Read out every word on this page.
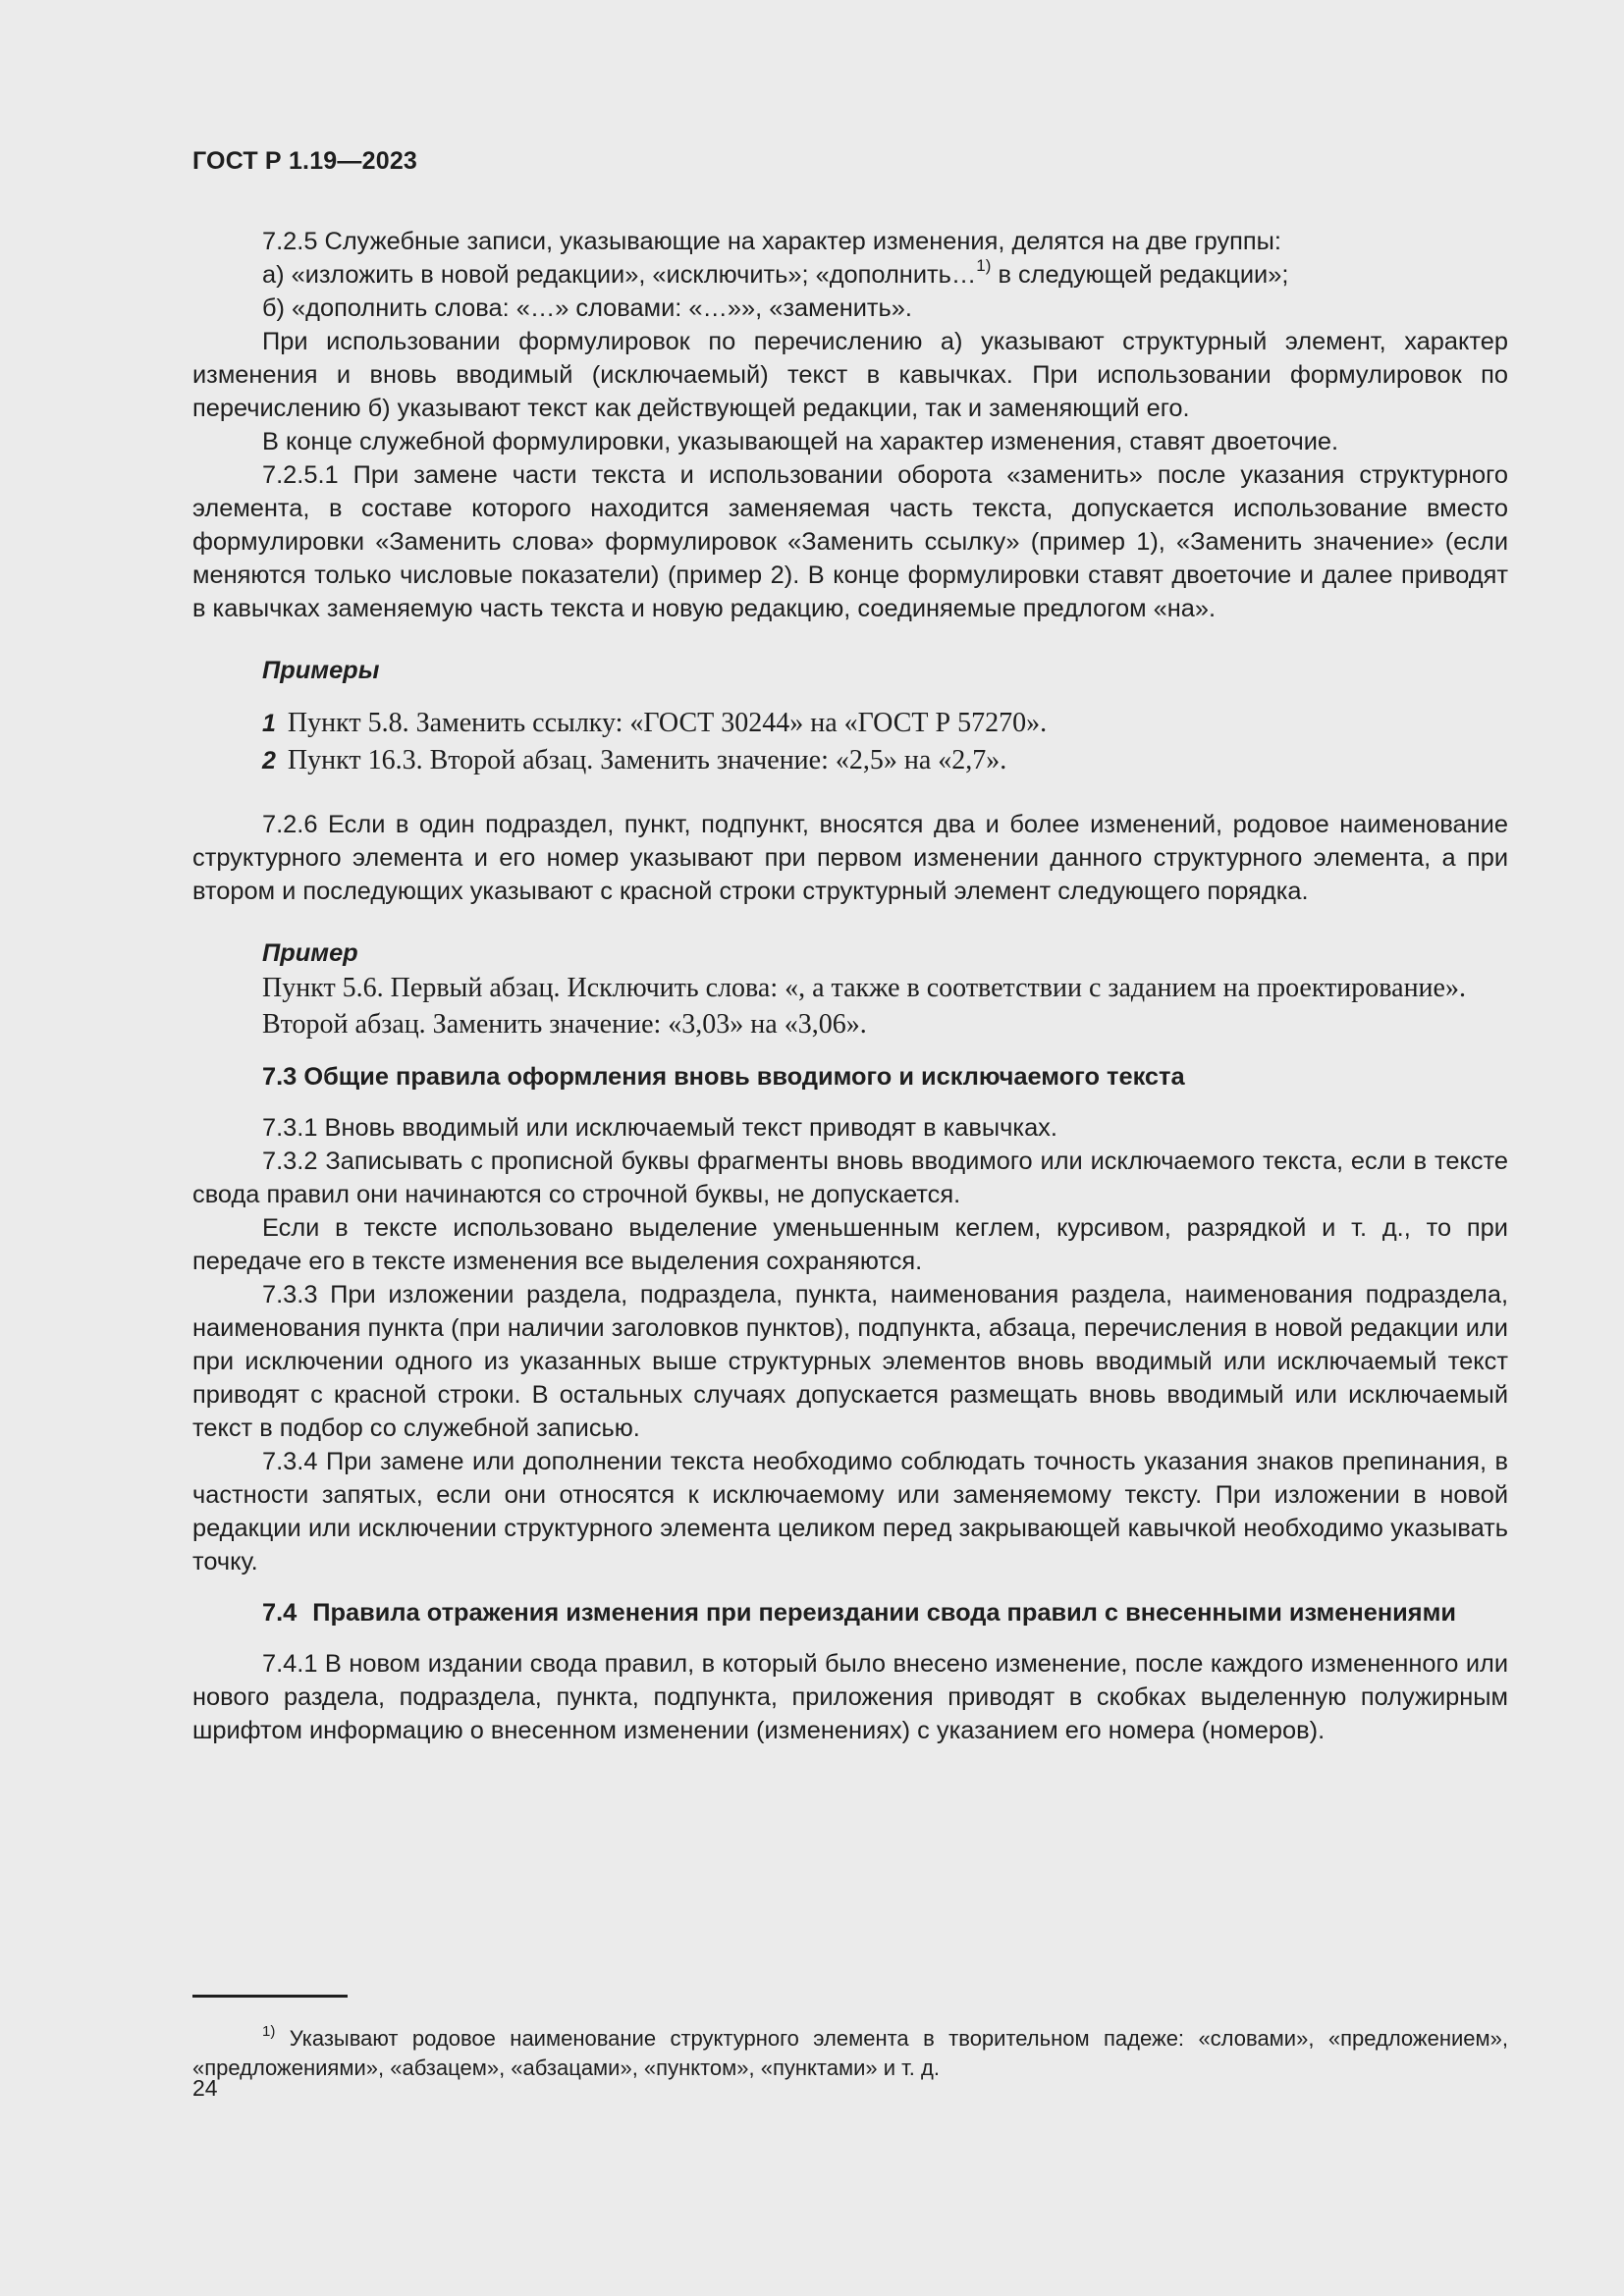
ГОСТ Р 1.19—2023

7.2.5 Служебные записи, указывающие на характер изменения, делятся на две группы:

а) «изложить в новой редакции», «исключить»; «дополнить…$^{1)}$ в следующей редакции»;

б) «дополнить слова: «…» словами: «…»», «заменить».

При использовании формулировок по перечислению а) указывают структурный элемент, характер изменения и вновь вводимый (исключаемый) текст в кавычках. При использовании формулировок по перечислению б) указывают текст как действующей редакции, так и заменяющий его.

В конце служебной формулировки, указывающей на характер изменения, ставят двоеточие.

7.2.5.1 При замене части текста и использовании оборота «заменить» после указания структурного элемента, в составе которого находится заменяемая часть текста, допускается использование вместо формулировки «Заменить слова» формулировок «Заменить ссылку» (пример 1), «Заменить значение» (если меняются только числовые показатели) (пример 2). В конце формулировки ставят двоеточие и далее приводят в кавычках заменяемую часть текста и новую редакцию, соединяемые предлогом «на».

Примеры

1 Пункт 5.8. Заменить ссылку: «ГОСТ 30244» на «ГОСТ Р 57270».

2 Пункт 16.3. Второй абзац. Заменить значение: «2,5» на «2,7».

7.2.6 Если в один подраздел, пункт, подпункт, вносятся два и более изменений, родовое наименование структурного элемента и его номер указывают при первом изменении данного структурного элемента, а при втором и последующих указывают с красной строки структурный элемент следующего порядка.

Пример

Пункт 5.6. Первый абзац. Исключить слова: «, а также в соответствии с заданием на проектирование».

Второй абзац. Заменить значение: «3,03» на «3,06».

7.3 Общие правила оформления вновь вводимого и исключаемого текста

7.3.1 Вновь вводимый или исключаемый текст приводят в кавычках.

7.3.2 Записывать с прописной буквы фрагменты вновь вводимого или исключаемого текста, если в тексте свода правил они начинаются со строчной буквы, не допускается.

Если в тексте использовано выделение уменьшенным кеглем, курсивом, разрядкой и т. д., то при передаче его в тексте изменения все выделения сохраняются.

7.3.3 При изложении раздела, подраздела, пункта, наименования раздела, наименования подраздела, наименования пункта (при наличии заголовков пунктов), подпункта, абзаца, перечисления в новой редакции или при исключении одного из указанных выше структурных элементов вновь вводимый или исключаемый текст приводят с красной строки. В остальных случаях допускается размещать вновь вводимый или исключаемый текст в подбор со служебной записью.

7.3.4 При замене или дополнении текста необходимо соблюдать точность указания знаков препинания, в частности запятых, если они относятся к исключаемому или заменяемому тексту. При изложении в новой редакции или исключении структурного элемента целиком перед закрывающей кавычкой необходимо указывать точку.

7.4 Правила отражения изменения при переиздании свода правил с внесенными изменениями

7.4.1 В новом издании свода правил, в который было внесено изменение, после каждого измененного или нового раздела, подраздела, пункта, подпункта, приложения приводят в скобках выделенную полужирным шрифтом информацию о внесенном изменении (изменениях) с указанием его номера (номеров).

$^{1)}$ Указывают родовое наименование структурного элемента в творительном падеже: «словами», «предложением», «предложениями», «абзацем», «абзацами», «пунктом», «пунктами» и т. д.

24
